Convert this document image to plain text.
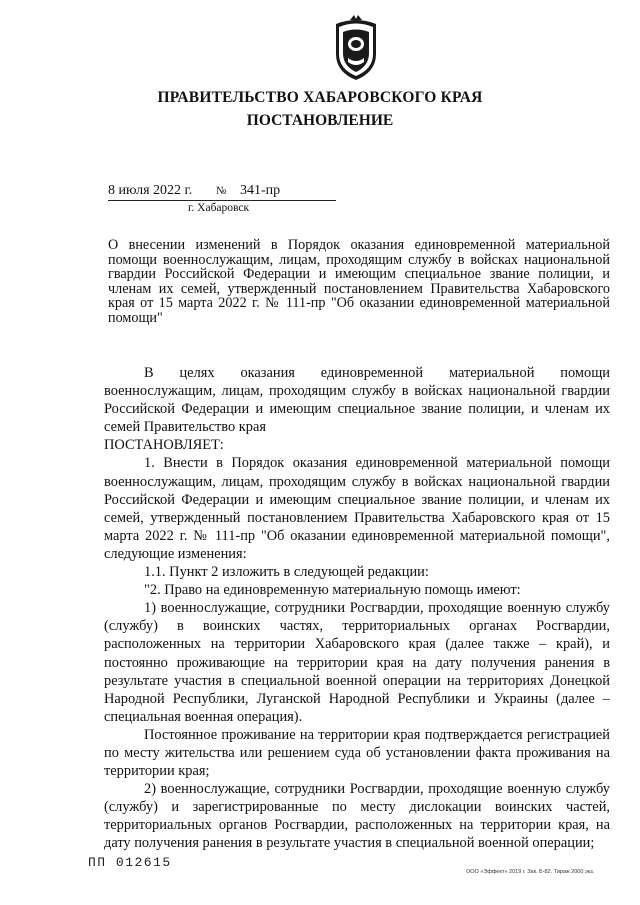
ПРАВИТЕЛЬСТВО ХАБАРОВСКОГО КРАЯ
ПОСТАНОВЛЕНИЕ
8 июля 2022 г. № 341-пр
г. Хабаровск

О внесении изменений в Порядок оказания единовременной материальной помощи военнослужащим, лицам, проходящим службу в войсках национальной гвардии Российской Федерации и имеющим специальное звание полиции, и членам их семей, утвержденный постановлением Правительства Хабаровского края от 15 марта 2022 г. № 111-пр "Об оказании единовременной материальной помощи"

В целях оказания единовременной материальной помощи военнослужащим, лицам, проходящим службу в войсках национальной гвардии Российской Федерации и имеющим специальное звание полиции, и членам их семей Правительство края

ПОСТАНОВЛЯЕТ:

1. Внести в Порядок оказания единовременной материальной помощи военнослужащим, лицам, проходящим службу в войсках национальной гвардии Российской Федерации и имеющим специальное звание полиции, и членам их семей, утвержденный постановлением Правительства Хабаровского края от 15 марта 2022 г. № 111-пр "Об оказании единовременной материальной помощи", следующие изменения:

1.1. Пункт 2 изложить в следующей редакции:

"2. Право на единовременную материальную помощь имеют:

1) военнослужащие, сотрудники Росгвардии, проходящие военную службу (службу) в воинских частях, территориальных органах Росгвардии, расположенных на территории Хабаровского края (далее также – край), и постоянно проживающие на территории края на дату получения ранения в результате участия в специальной военной операции на территориях Донецкой Народной Республики, Луганской Народной Республики и Украины (далее – специальная военная операция).

Постоянное проживание на территории края подтверждается регистрацией по месту жительства или решением суда об установлении факта проживания на территории края;

2) военнослужащие, сотрудники Росгвардии, проходящие военную службу (службу) и зарегистрированные по месту дислокации воинских частей, территориальных органов Росгвардии, расположенных на территории края, на дату получения ранения в результате участия в специальной военной операции;

ПП 012615
ООО «Эффект» 2019 г. Зак. Б-82. Тираж 2000 экз.
